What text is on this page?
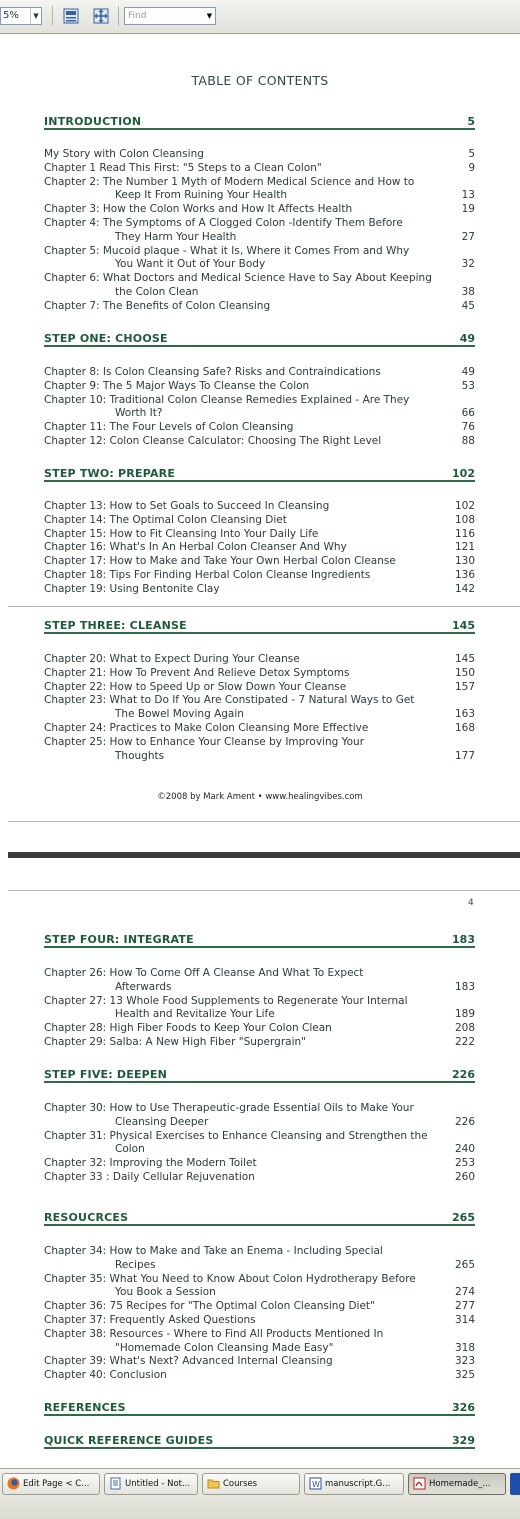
5%	▼	Find	▼
TABLE OF CONTENTS
INTRODUCTION	5
My Story with Colon Cleansing	5
Chapter 1 Read This First: "5 Steps to a Clean Colon"	9
Chapter 2: The Number 1 Myth of Modern Medical Science and How to
Keep It From Ruining Your Health	13
Chapter 3: How the Colon Works and How It Affects Health	19
Chapter 4: The Symptoms of A Clogged Colon -Identify Them Before
They Harm Your Health	27
Chapter 5: Mucoid plaque - What it Is, Where it Comes From and Why
You Want it Out of Your Body	32
Chapter 6: What Doctors and Medical Science Have to Say About Keeping
the Colon Clean	38
Chapter 7: The Benefits of Colon Cleansing	45
STEP ONE: CHOOSE	49
Chapter 8: Is Colon Cleansing Safe? Risks and Contraindications	49
Chapter 9: The 5 Major Ways To Cleanse the Colon	53
Chapter 10: Traditional Colon Cleanse Remedies Explained - Are They
Worth It?	66
Chapter 11: The Four Levels of Colon Cleansing	76
Chapter 12: Colon Cleanse Calculator: Choosing The Right Level	88
STEP TWO: PREPARE	102
Chapter 13: How to Set Goals to Succeed In Cleansing	102
Chapter 14: The Optimal Colon Cleansing Diet	108
Chapter 15: How to Fit Cleansing Into Your Daily Life	116
Chapter 16: What's In An Herbal Colon Cleanser And Why	121
Chapter 17: How to Make and Take Your Own Herbal Colon Cleanse	130
Chapter 18: Tips For Finding Herbal Colon Cleanse Ingredients	136
Chapter 19: Using Bentonite Clay	142
STEP THREE: CLEANSE	145
Chapter 20: What to Expect During Your Cleanse	145
Chapter 21: How To Prevent And Relieve Detox Symptoms	150
Chapter 22: How to Speed Up or Slow Down Your Cleanse	157
Chapter 23: What to Do If You Are Constipated - 7 Natural Ways to Get
The Bowel Moving Again	163
Chapter 24: Practices to Make Colon Cleansing More Effective	168
Chapter 25: How to Enhance Your Cleanse by Improving Your
Thoughts	177
©2008 by Mark Ament • www.healingvibes.com
4
STEP FOUR: INTEGRATE	183
Chapter 26: How To Come Off A Cleanse And What To Expect
Afterwards	183
Chapter 27: 13 Whole Food Supplements to Regenerate Your Internal
Health and Revitalize Your Life	189
Chapter 28: High Fiber Foods to Keep Your Colon Clean	208
Chapter 29: Salba: A New High Fiber "Supergrain"	222
STEP FIVE: DEEPEN	226
Chapter 30: How to Use Therapeutic-grade Essential Oils to Make Your
Cleansing Deeper	226
Chapter 31: Physical Exercises to Enhance Cleansing and Strengthen the
Colon	240
Chapter 32: Improving the Modern Toilet	253
Chapter 33 : Daily Cellular Rejuvenation	260
RESOUCRCES	265
Chapter 34: How to Make and Take an Enema - Including Special
Recipes	265
Chapter 35: What You Need to Know About Colon Hydrotherapy Before
You Book a Session	274
Chapter 36: 75 Recipes for "The Optimal Colon Cleansing Diet"	277
Chapter 37: Frequently Asked Questions	314
Chapter 38: Resources - Where to Find All Products Mentioned In
"Homemade Colon Cleansing Made Easy"	318
Chapter 39: What's Next? Advanced Internal Cleansing	323
Chapter 40: Conclusion	325
REFERENCES	326
QUICK REFERENCE GUIDES	329
Edit Page < C...	Untitled - Not...	Courses	W manuscript.G...	Homemade_...
